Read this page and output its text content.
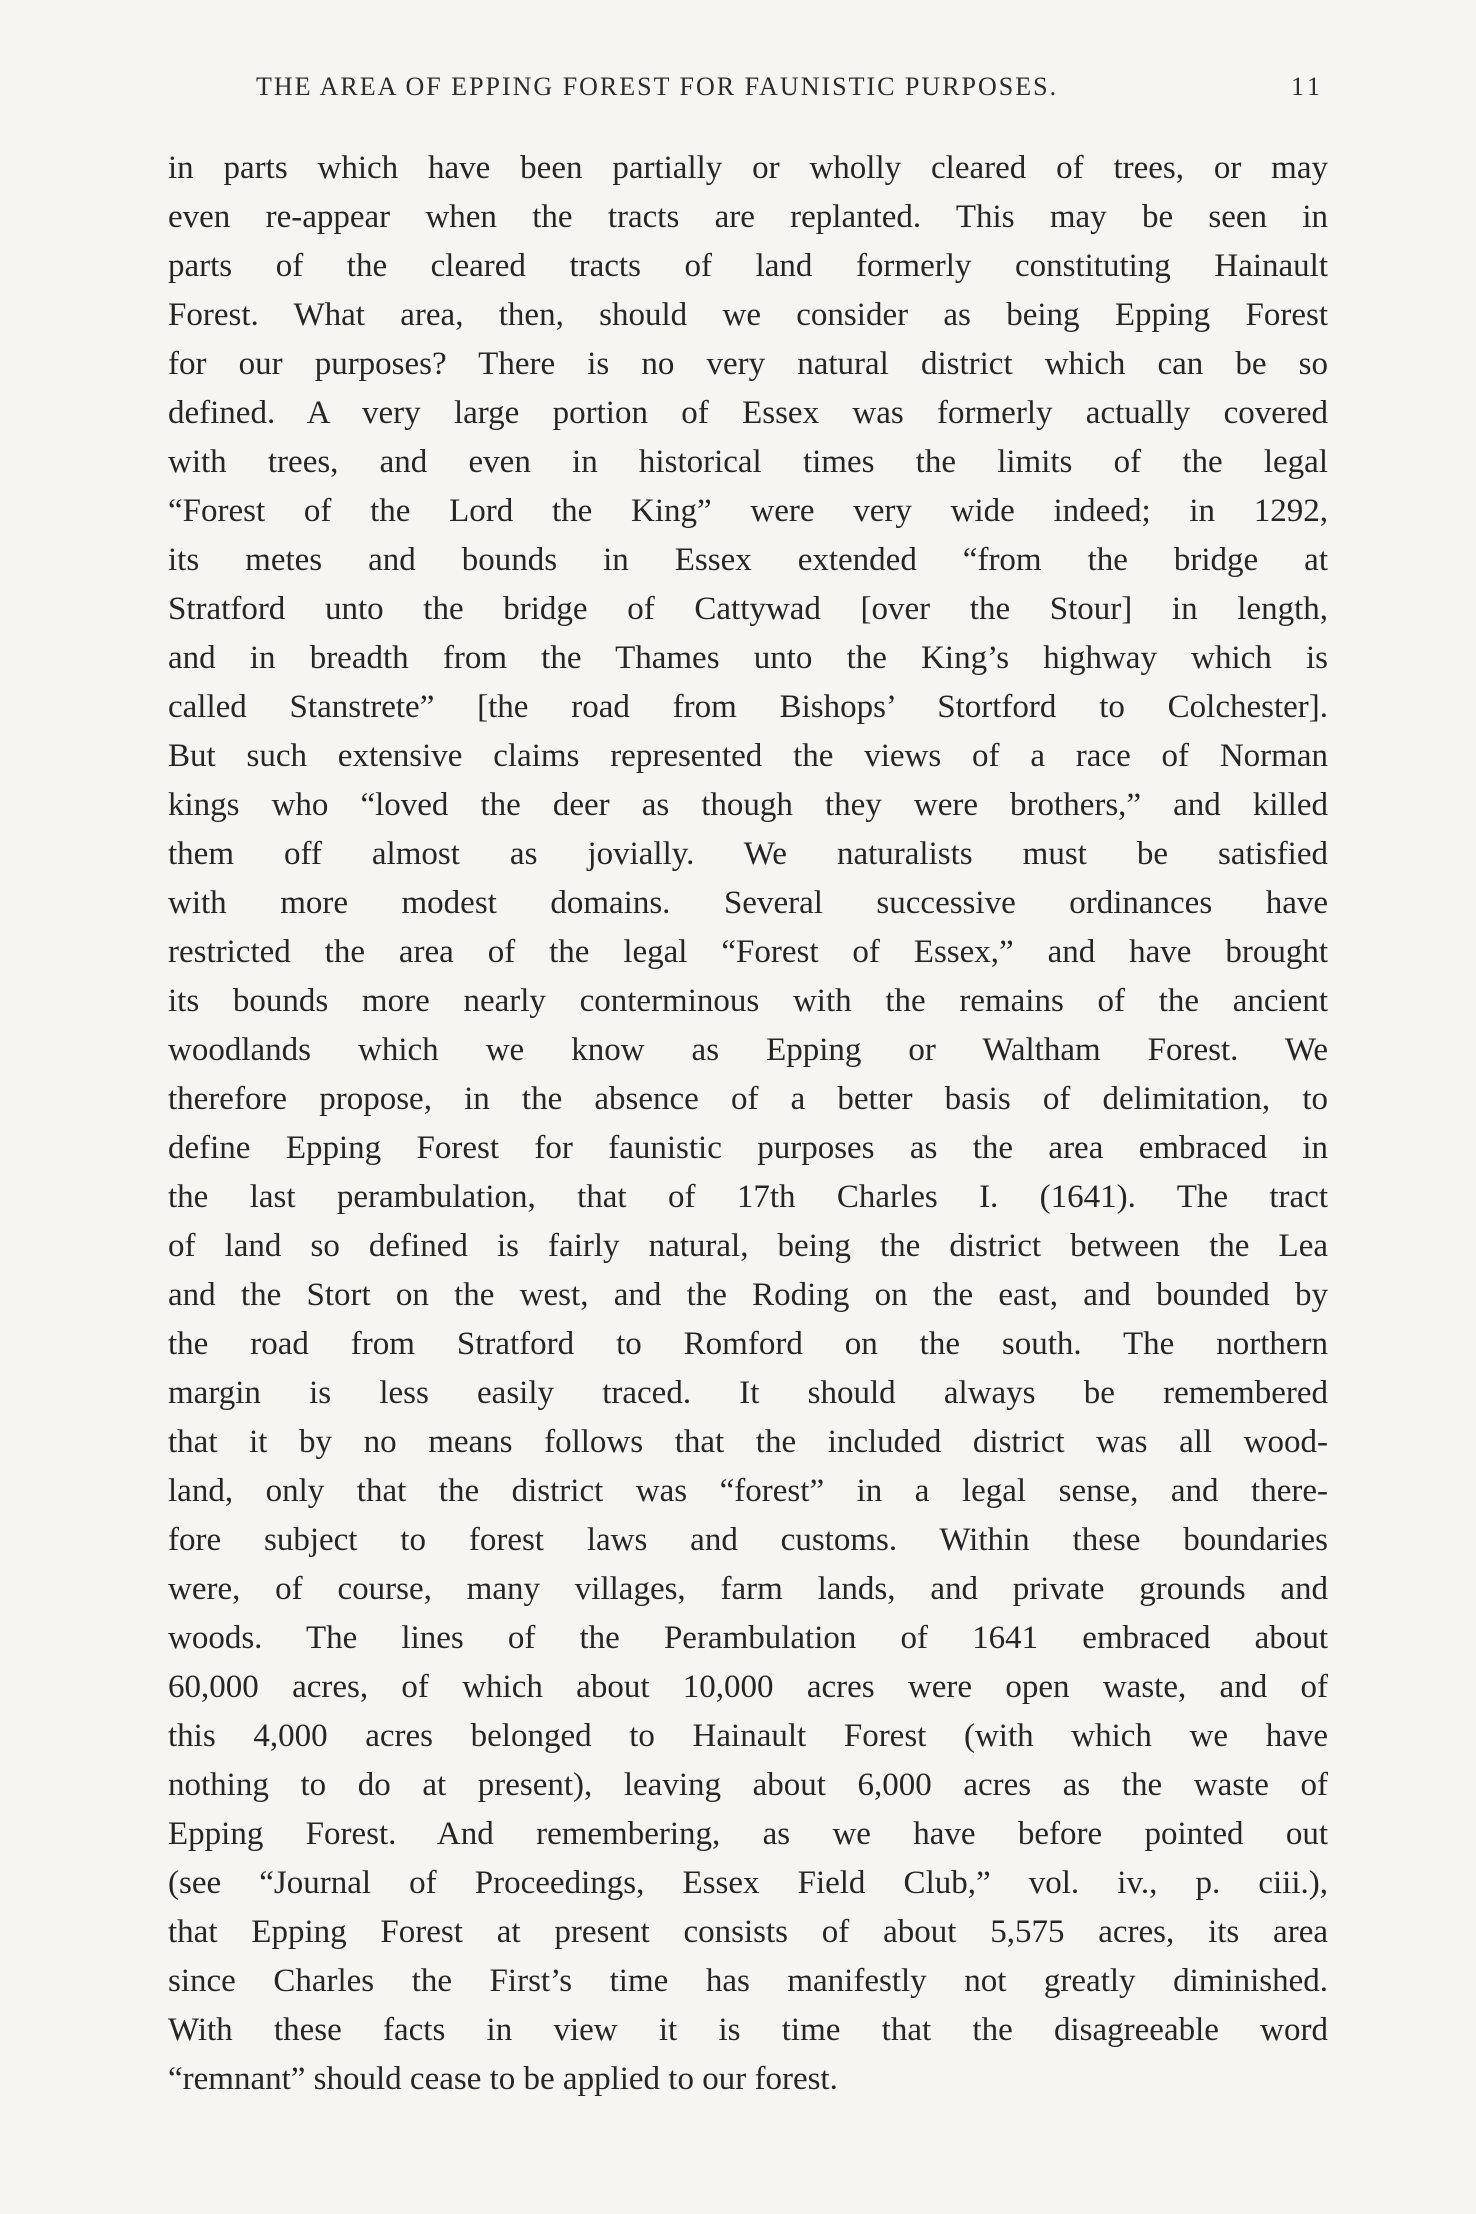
THE AREA OF EPPING FOREST FOR FAUNISTIC PURPOSES.	11
in parts which have been partially or wholly cleared of trees, or may
even re-appear when the tracts are replanted. This may be seen in
parts of the cleared tracts of land formerly constituting Hainault
Forest. What area, then, should we consider as being Epping Forest
for our purposes? There is no very natural district which can be so
defined. A very large portion of Essex was formerly actually covered
with trees, and even in historical times the limits of the legal
“Forest of the Lord the King” were very wide indeed; in 1292,
its metes and bounds in Essex extended “from the bridge at
Stratford unto the bridge of Cattywad [over the Stour] in length,
and in breadth from the Thames unto the King’s highway which is
called Stanstrete” [the road from Bishops’ Stortford to Colchester].
But such extensive claims represented the views of a race of Norman
kings who “loved the deer as though they were brothers,” and killed
them off almost as jovially. We naturalists must be satisfied
with more modest domains. Several successive ordinances have
restricted the area of the legal “Forest of Essex,” and have brought
its bounds more nearly conterminous with the remains of the ancient
woodlands which we know as Epping or Waltham Forest. We
therefore propose, in the absence of a better basis of delimitation, to
define Epping Forest for faunistic purposes as the area embraced in
the last perambulation, that of 17th Charles I. (1641). The tract
of land so defined is fairly natural, being the district between the Lea
and the Stort on the west, and the Roding on the east, and bounded by
the road from Stratford to Romford on the south. The northern
margin is less easily traced. It should always be remembered
that it by no means follows that the included district was all wood-
land, only that the district was “forest” in a legal sense, and there-
fore subject to forest laws and customs. Within these boundaries
were, of course, many villages, farm lands, and private grounds and
woods. The lines of the Perambulation of 1641 embraced about
60,000 acres, of which about 10,000 acres were open waste, and of
this 4,000 acres belonged to Hainault Forest (with which we have
nothing to do at present), leaving about 6,000 acres as the waste of
Epping Forest. And remembering, as we have before pointed out
(see “Journal of Proceedings, Essex Field Club,” vol. iv., p. ciii.),
that Epping Forest at present consists of about 5,575 acres, its area
since Charles the First’s time has manifestly not greatly diminished.
With these facts in view it is time that the disagreeable word
“remnant” should cease to be applied to our forest.
